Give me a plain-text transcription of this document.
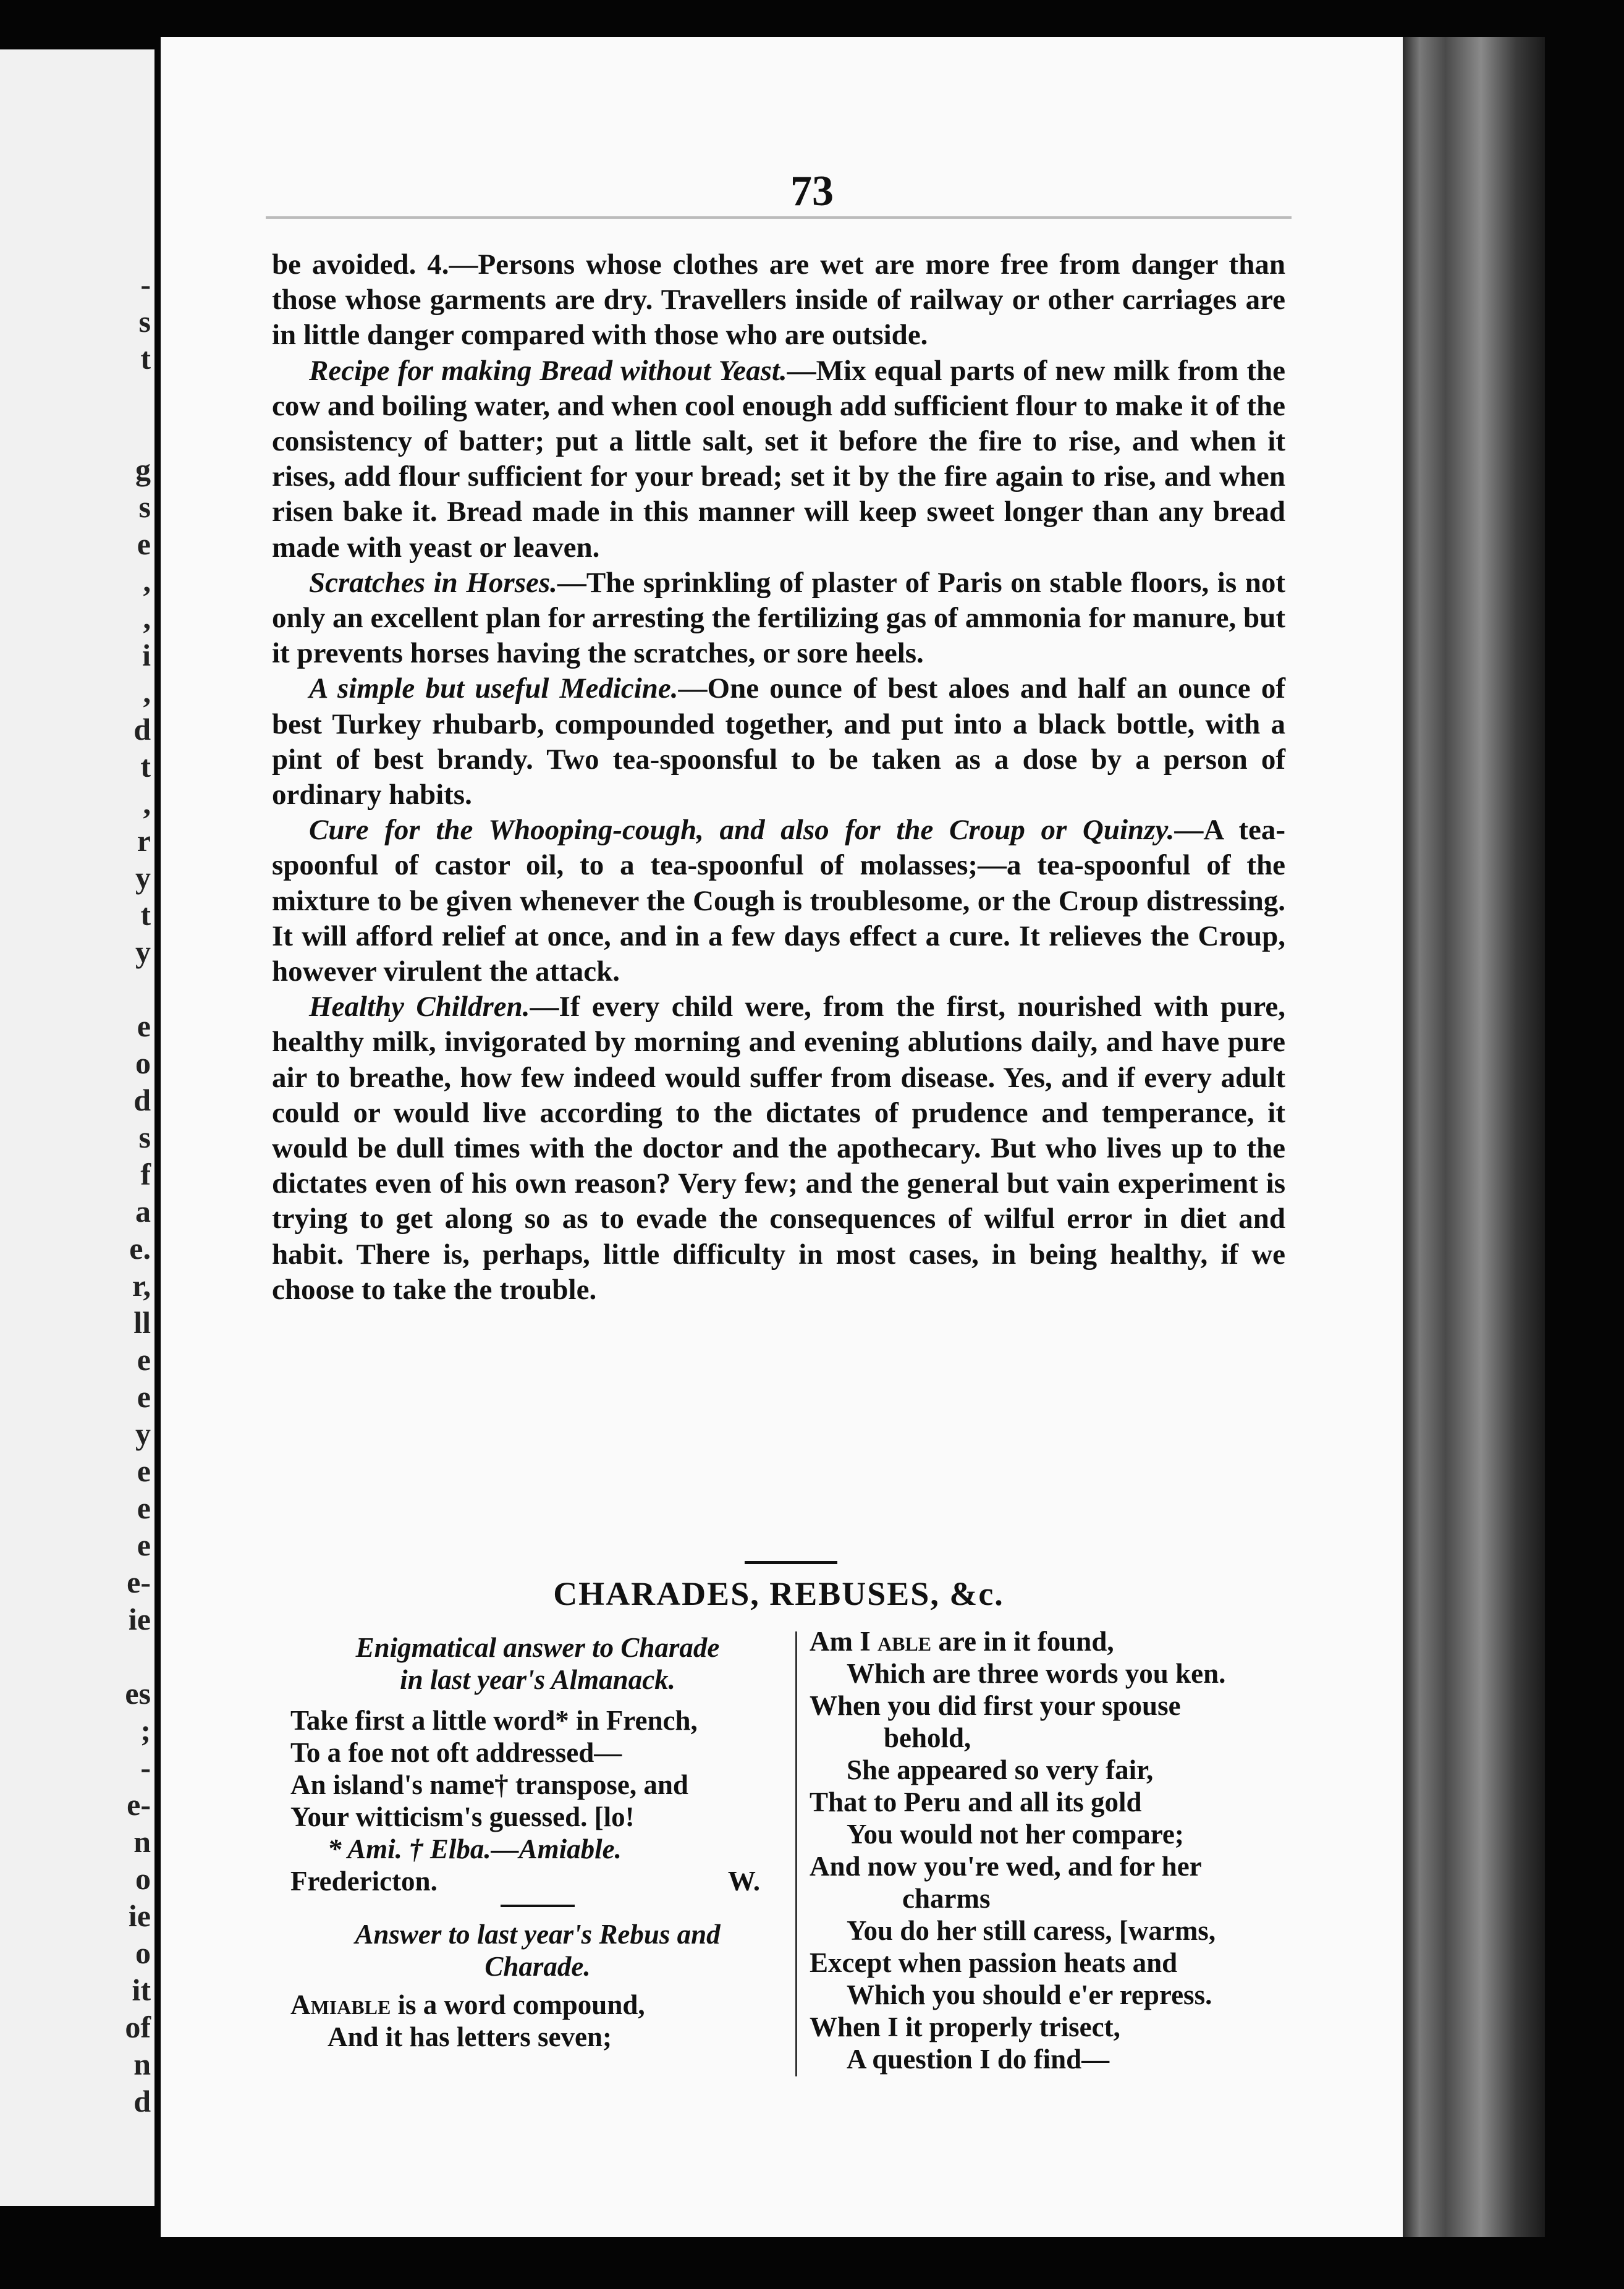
-
s
t

g
s
e
,
,
i
,
d
t
,
r
y
t
y

e
o
d
s
f
a
e.
r,
ll
e
e
y
e
e
e
e-
ie

es
;
-
e-
n
o
ie
o
it
of
n
d
73

be avoided. 4.—Persons whose clothes are wet are more free from danger than those whose garments are dry. Travellers inside of railway or other carriages are in little danger compared with those who are outside.

Recipe for making Bread without Yeast.—Mix equal parts of new milk from the cow and boiling water, and when cool enough add sufficient flour to make it of the consistency of batter; put a little salt, set it before the fire to rise, and when it rises, add flour sufficient for your bread; set it by the fire again to rise, and when risen bake it. Bread made in this manner will keep sweet longer than any bread made with yeast or leaven.

Scratches in Horses.—The sprinkling of plaster of Paris on stable floors, is not only an excellent plan for arresting the fertilizing gas of ammonia for manure, but it prevents horses having the scratches, or sore heels.

A simple but useful Medicine.—One ounce of best aloes and half an ounce of best Turkey rhubarb, compounded together, and put into a black bottle, with a pint of best brandy. Two tea-spoonsful to be taken as a dose by a person of ordinary habits.

Cure for the Whooping-cough, and also for the Croup or Quinzy.—A tea-spoonful of castor oil, to a tea-spoonful of molasses;—a tea-spoonful of the mixture to be given whenever the Cough is troublesome, or the Croup distressing. It will afford relief at once, and in a few days effect a cure. It relieves the Croup, however virulent the attack.

Healthy Children.—If every child were, from the first, nourished with pure, healthy milk, invigorated by morning and evening ablutions daily, and have pure air to breathe, how few indeed would suffer from disease. Yes, and if every adult could or would live according to the dictates of prudence and temperance, it would be dull times with the doctor and the apothecary. But who lives up to the dictates even of his own reason? Very few; and the general but vain experiment is trying to get along so as to evade the consequences of wilful error in diet and habit. There is, perhaps, little difficulty in most cases, in being healthy, if we choose to take the trouble.

CHARADES, REBUSES, &c.
Enigmatical answer to Charade
in last year's Almanack.
Take first a little word* in French,
To a foe not oft addressed—
An island's name† transpose, and
Your witticism's guessed. [lo!
* Ami. † Elba.—Amiable.
Fredericton.	W.
Answer to last year's Rebus and
Charade.
Amiable is a word compound,
And it has letters seven;
Am I able are in it found,
Which are three words you ken.
When you did first your spouse
behold,
She appeared so very fair,
That to Peru and all its gold
You would not her compare;
And now you're wed, and for her
charms
You do her still caress, [warms,
Except when passion heats and
Which you should e'er repress.
When I it properly trisect,
A question I do find—
